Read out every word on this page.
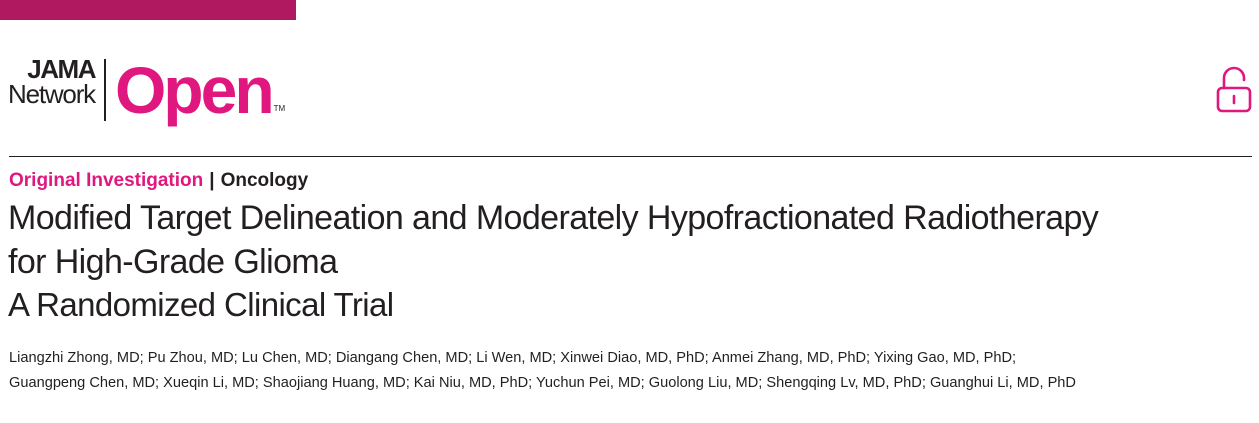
JAMA
Network Open TM
Original Investigation | Oncology
Modified Target Delineation and Moderately Hypofractionated Radiotherapy
for High-Grade Glioma
A Randomized Clinical Trial
Liangzhi Zhong, MD; Pu Zhou, MD; Lu Chen, MD; Diangang Chen, MD; Li Wen, MD; Xinwei Diao, MD, PhD; Anmei Zhang, MD, PhD; Yixing Gao, MD, PhD;
Guangpeng Chen, MD; Xueqin Li, MD; Shaojiang Huang, MD; Kai Niu, MD, PhD; Yuchun Pei, MD; Guolong Liu, MD; Shengqing Lv, MD, PhD; Guanghui Li, MD, PhD
